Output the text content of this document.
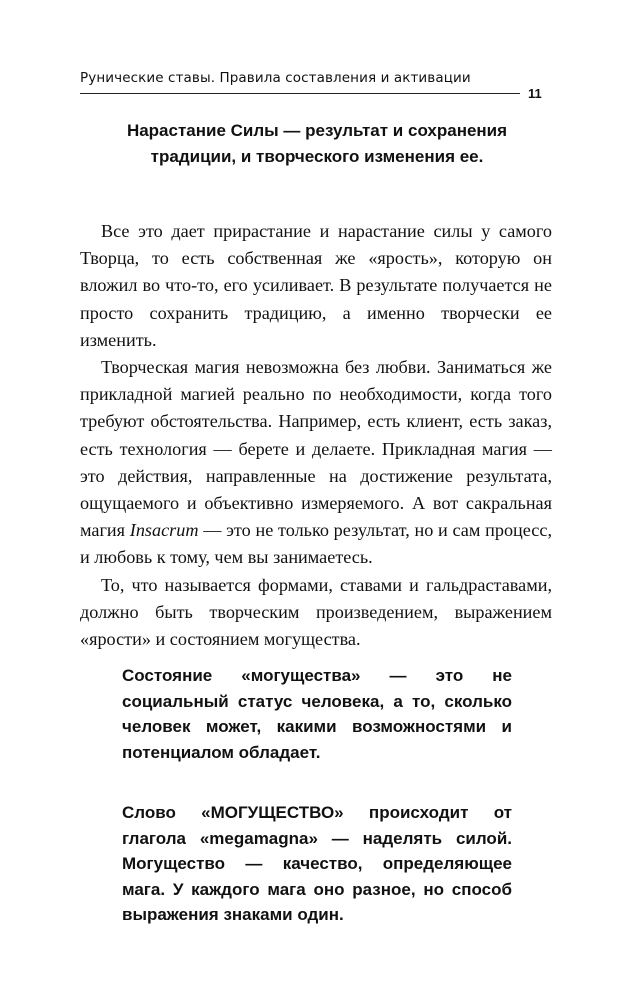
Рунические ставы. Правила составления и активации
11

Нарастание Силы — результат и сохранения традиции, и творческого изменения ее.

Все это дает прирастание и нарастание силы у самого Творца, то есть собственная же «ярость», которую он вложил во что-то, его усиливает. В результате получается не просто сохранить традицию, а именно творчески ее изменить.

Творческая магия невозможна без любви. Заниматься же прикладной магией реально по необходимости, когда того требуют обстоятельства. Например, есть клиент, есть заказ, есть технология — берете и делаете. Прикладная магия — это действия, направленные на достижение результата, ощущаемого и объективно измеряемого. А вот сакральная магия Insacrum — это не только результат, но и сам процесс, и любовь к тому, чем вы занимаетесь.

То, что называется формами, ставами и гальдраставами, должно быть творческим произведением, выражением «ярости» и состоянием могущества.

Состояние «могущества» — это не социальный статус человека, а то, сколько человек может, какими возможностями и потенциалом обладает.

Слово «МОГУЩЕСТВО» происходит от глагола «megamagna» — наделять силой. Могущество — качество, определяющее мага. У каждого мага оно разное, но способ выражения знаками один.
